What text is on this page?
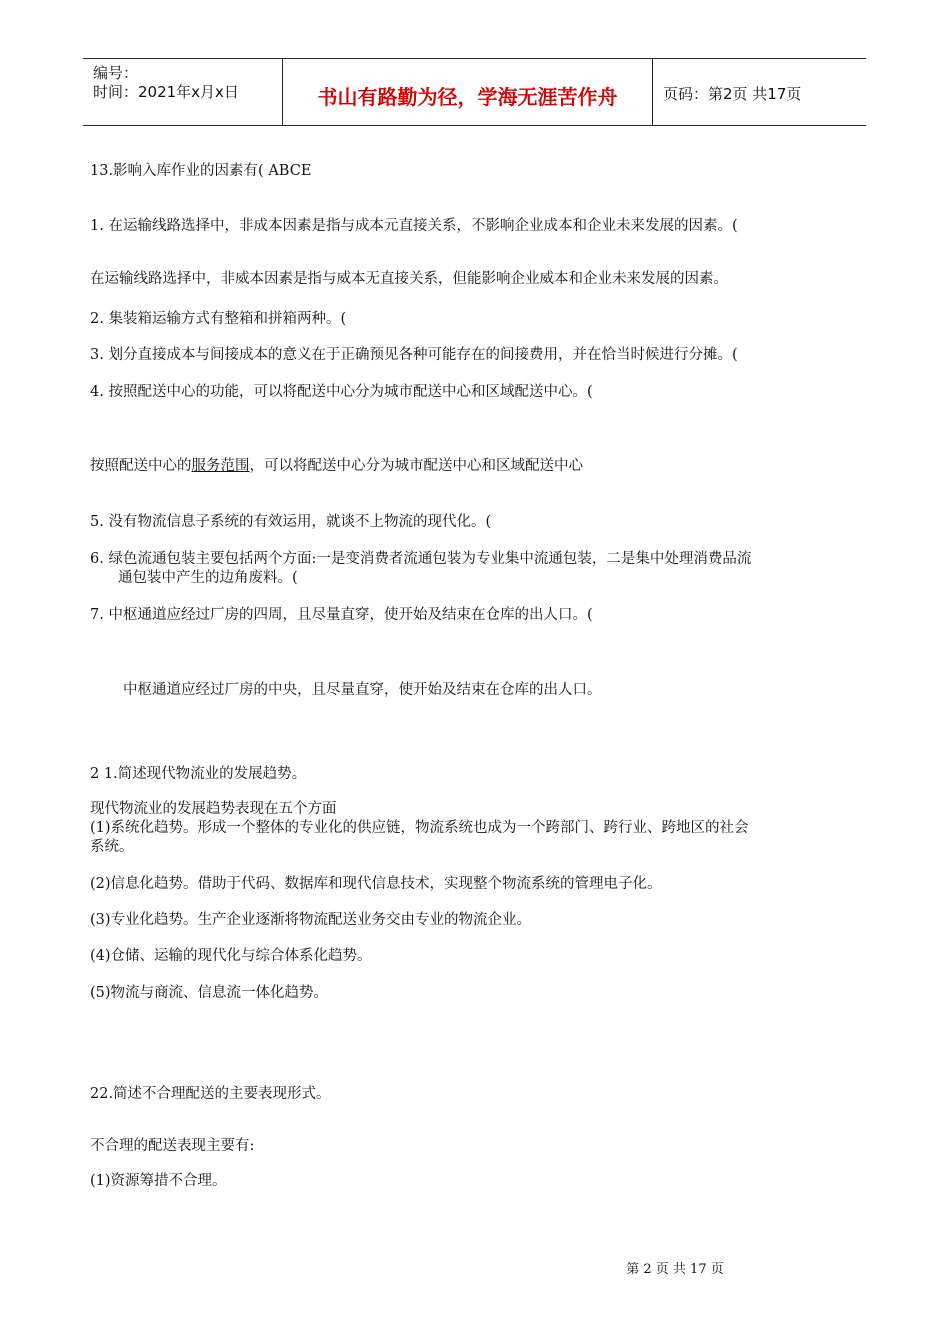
编号：
时间：2021年x月x日	书山有路勤为径，学海无涯苦作舟	页码：第2页 共17页
13.影响入库作业的因素有( ABCE
1. 在运输线路选择中，非成本因素是指与成本元直接关系，不影响企业成本和企业未来发展的因素。(
在运输线路选择中，非威本因素是指与威本无直接关系，但能影响企业威本和企业未来发展的因素。
2. 集装箱运输方式有整箱和拼箱两种。(
3. 划分直接成本与间接成本的意义在于正确预见各种可能存在的间接费用，并在恰当时候进行分摊。(
4. 按照配送中心的功能，可以将配送中心分为城市配送中心和区域配送中心。(
按照配送中心的服务范围，可以将配送中心分为城市配送中心和区域配送中心
5. 没有物流信息子系统的有效运用，就谈不上物流的现代化。(
6. 绿色流通包装主要包括两个方面:一是变消费者流通包装为专业集中流通包装，二是集中处理消费品流
通包装中产生的边角废料。(
7. 中枢通道应经过厂房的四周，且尽量直穿，使开始及结束在仓库的出人口。(
中枢通道应经过厂房的中央，且尽量直穿，使开始及结束在仓库的出人口。
2 1.简述现代物流业的发展趋势。
现代物流业的发展趋势表现在五个方面
(1)系统化趋势。形成一个整体的专业化的供应链，物流系统也成为一个跨部门、跨行业、跨地区的社会
系统。
(2)信息化趋势。借助于代码、数据库和现代信息技术，实现整个物流系统的管理电子化。
(3)专业化趋势。生产企业逐渐将物流配送业务交由专业的物流企业。
(4)仓储、运输的现代化与综合体系化趋势。
(5)物流与商流、信息流一体化趋势。
22.简述不合理配送的主要表现形式。
不合理的配送表现主要有:
(1)资源筹措不合理。
第 2 页 共 17 页
